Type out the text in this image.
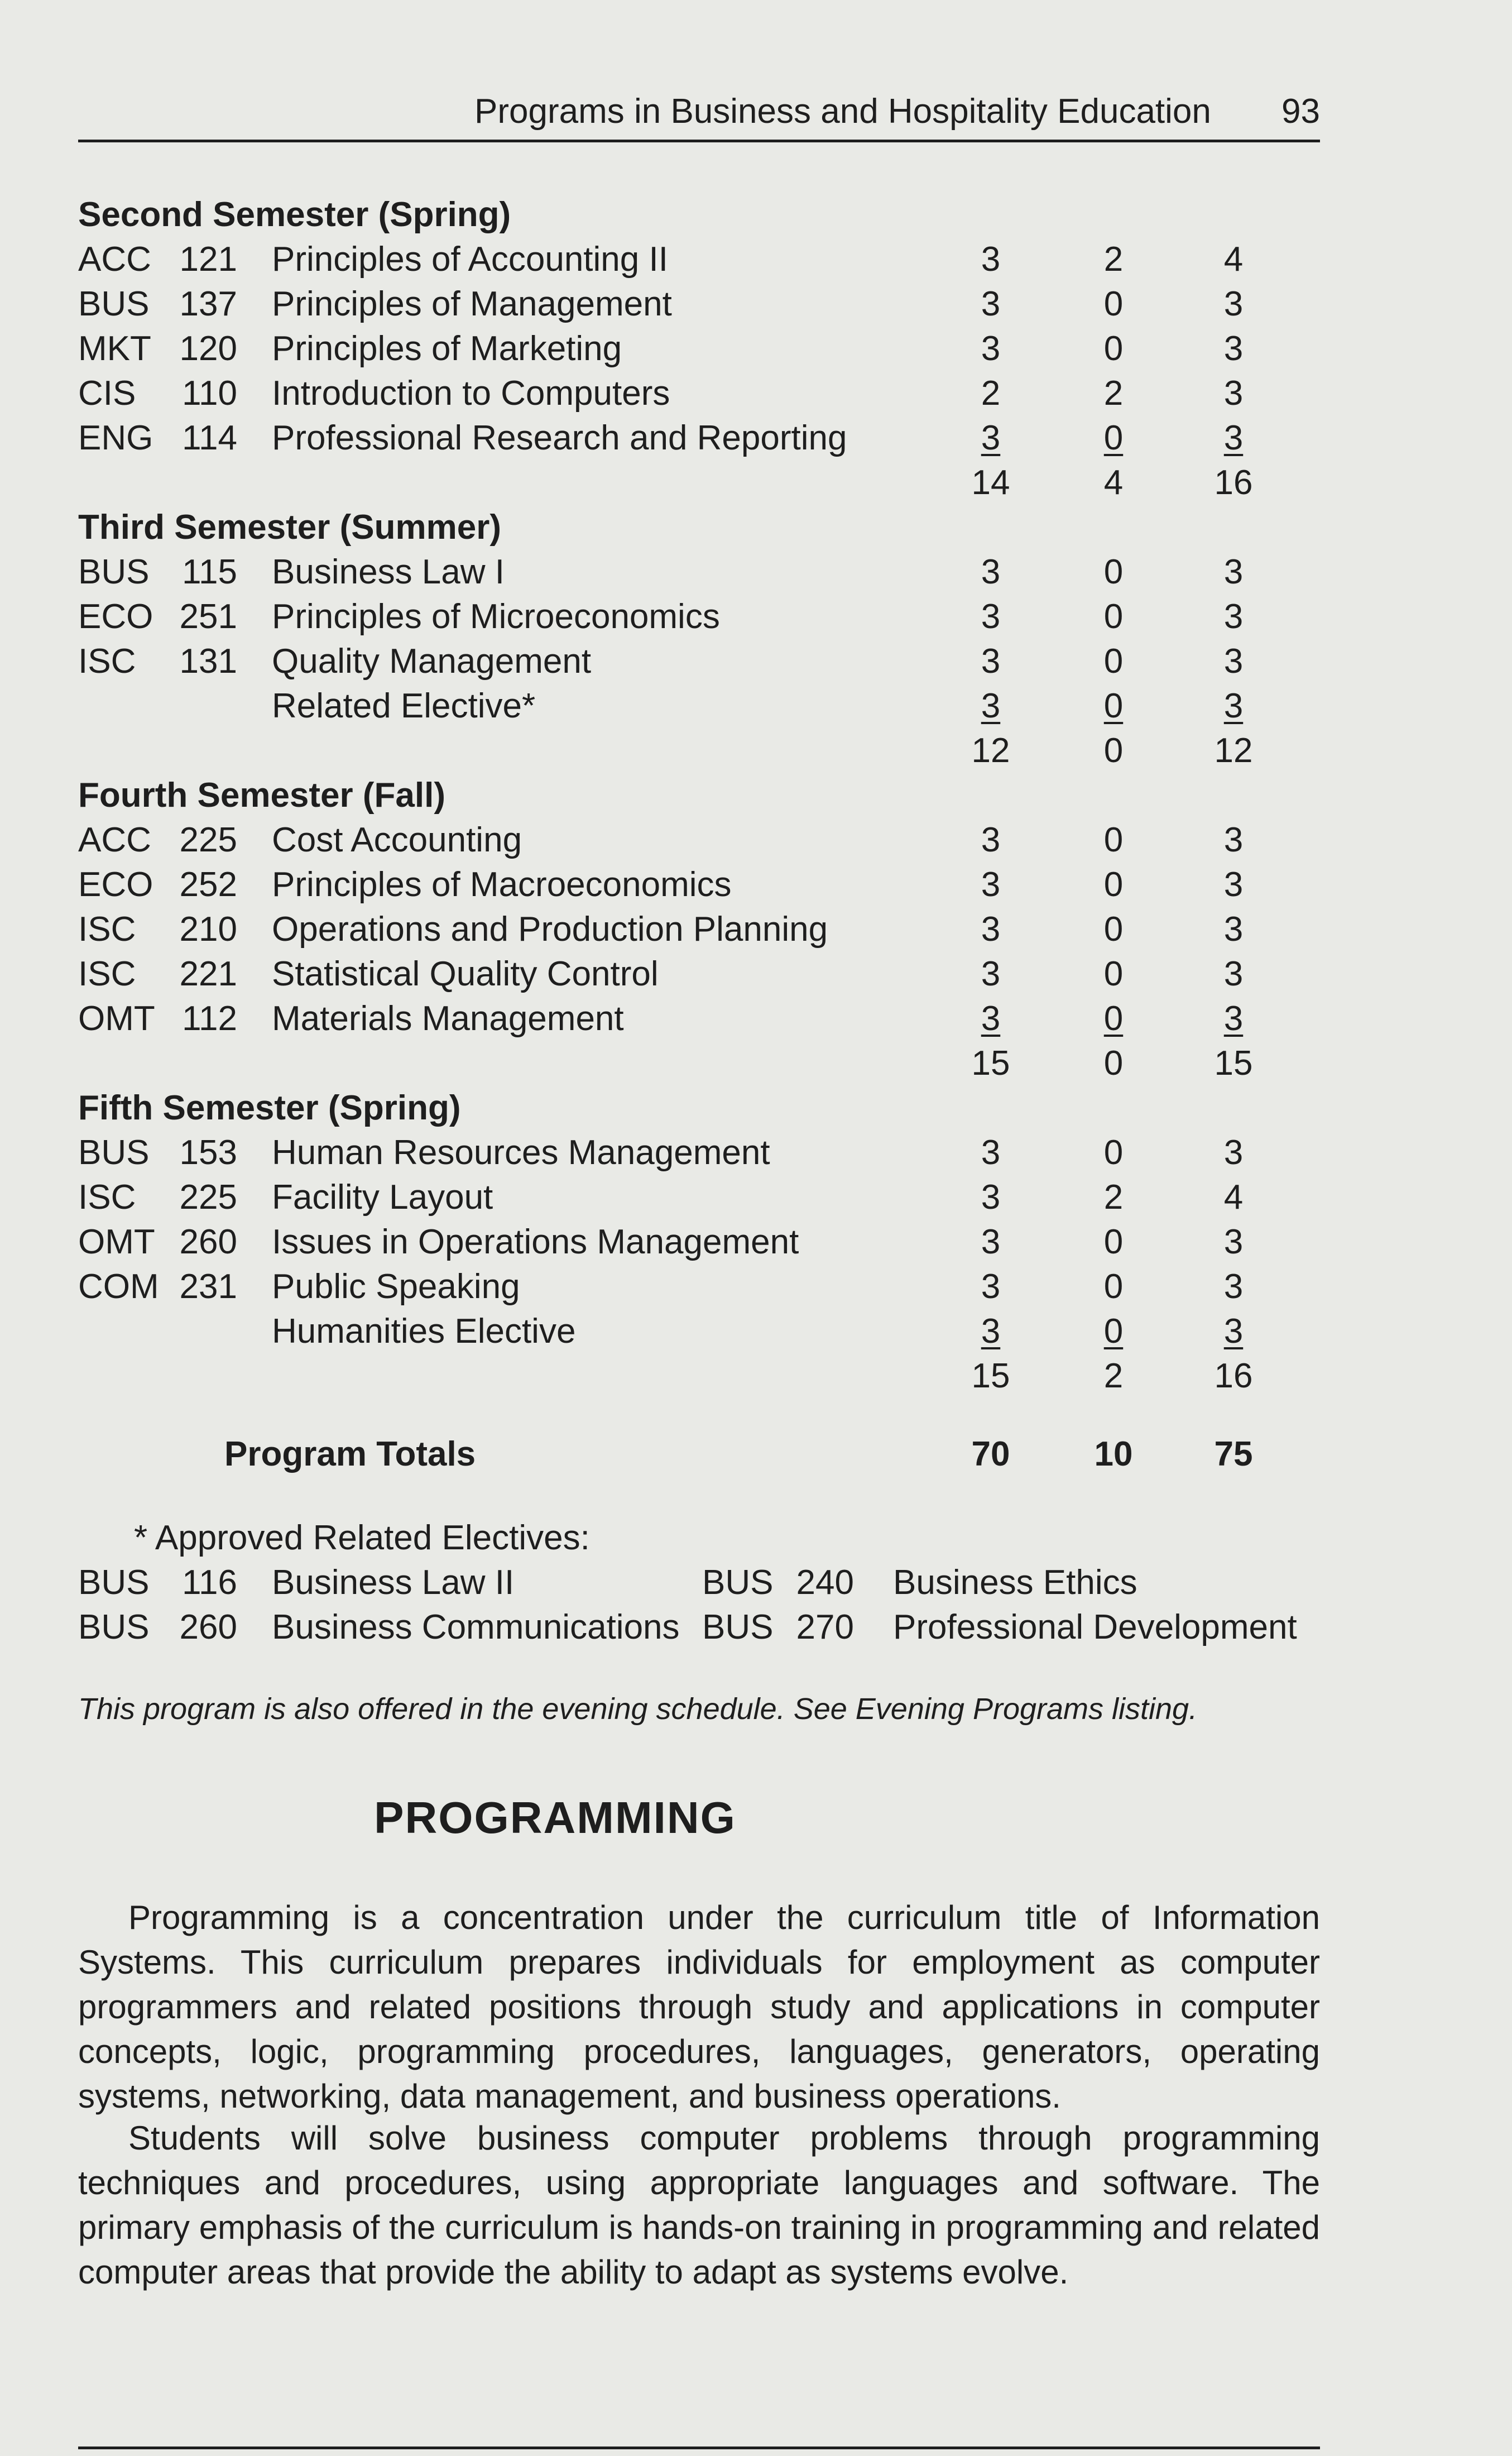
Programs in Business and Hospitality Education 93
Second Semester (Spring)
ACC 121 Principles of Accounting II	3	2	4
BUS 137 Principles of Management	3	0	3
MKT 120 Principles of Marketing	3	0	3
CIS	110 Introduction to Computers	2	2	3
ENG 114 Professional Research and Reporting	3	0	3
14	4	16
Third Semester (Summer)
BUS 115 Business Law I	3	0	3
ECO 251 Principles of Microeconomics	3	0	3
ISC	131 Quality Management	3	0	3
Related Elective*	3	0	3
12	0	12
Fourth Semester (Fall)
ACC 225 Cost Accounting	3	0	3
ECO 252 Principles of Macroeconomics	3	0	3
ISC	210 Operations and Production Planning	3	0	3
ISC	221 Statistical Quality Control	3	0	3
OMT 112 Materials Management	3	0	3
15	0	15
Fifth Semester (Spring)
BUS 153 Human Resources Management	3	0	3
ISC	225 Facility Layout	3	2	4
OMT 260 Issues in Operations Management	3	0	3
COM 231 Public Speaking	3	0	3
Humanities Elective	3	0	3
15	2	16
Program Totals	70	10	75
* Approved Related Electives:
BUS 116 Business Law II	BUS 240 Business Ethics
BUS 260 Business Communications BUS 270 Professional Development
This program is also offered in the evening schedule. See Evening Programs listing.
PROGRAMMING

Programming is a concentration under the curriculum title of Information Systems. This curriculum prepares individuals for employment as computer programmers and related positions through study and applications in computer concepts, logic, programming procedures, languages, generators, operating systems, networking, data management, and business operations.

Students will solve business computer problems through programming techniques and procedures, using appropriate languages and software. The primary emphasis of the curriculum is hands-on training in programming and related computer areas that provide the ability to adapt as systems evolve.
